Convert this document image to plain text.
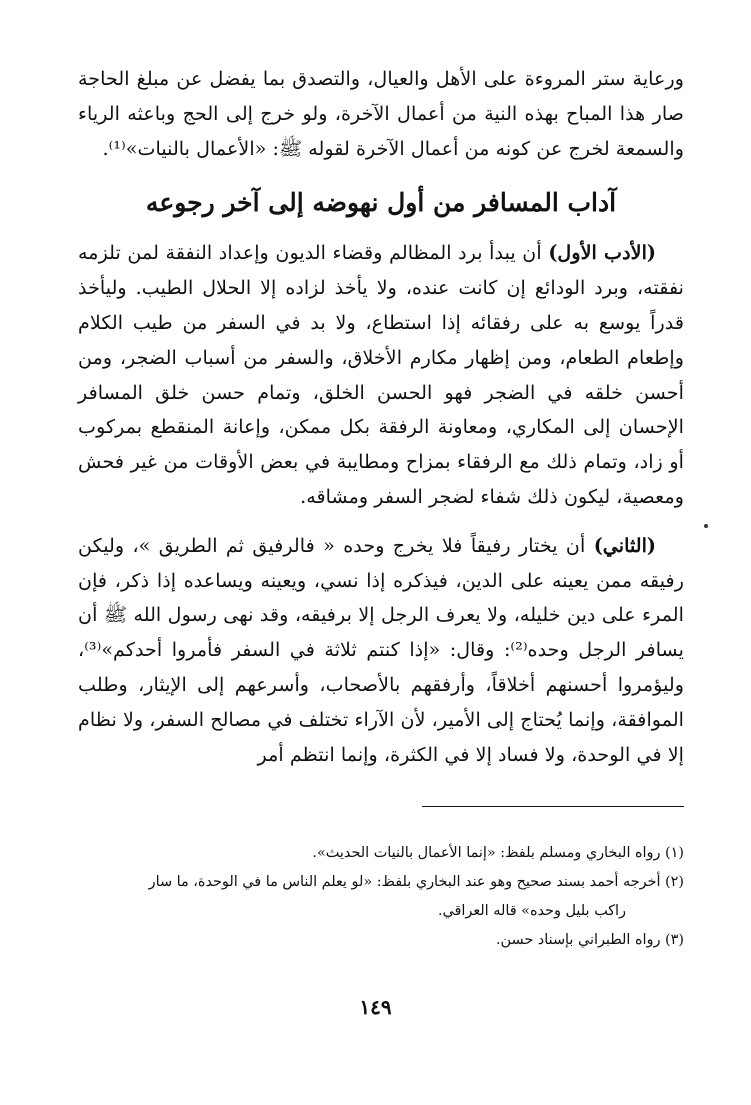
ورعاية ستر المروءة على الأهل والعيال، والتصدق بما يفضل عن مبلغ الحاجة صار هذا المباح بهذه النية من أعمال الآخرة، ولو خرج إلى الحج وباعثه الرياء والسمعة لخرج عن كونه من أعمال الآخرة لقوله ﷺ: «الأعمال بالنيات»⁽¹⁾.

آداب المسافر من أول نهوضه إلى آخر رجوعه

(الأدب الأول) أن يبدأ برد المظالم وقضاء الديون وإعداد النفقة لمن تلزمه نفقته، وبرد الودائع إن كانت عنده، ولا يأخذ لزاده إلا الحلال الطيب. وليأخذ قدراً يوسع به على رفقائه إذا استطاع، ولا بد في السفر من طيب الكلام وإطعام الطعام، ومن إظهار مكارم الأخلاق، والسفر من أسباب الضجر، ومن أحسن خلقه في الضجر فهو الحسن الخلق، وتمام حسن خلق المسافر الإحسان إلى المكاري، ومعاونة الرفقة بكل ممكن، وإعانة المنقطع بمركوب أو زاد، وتمام ذلك مع الرفقاء بمزاح ومطايبة في بعض الأوقات من غير فحش ومعصية، ليكون ذلك شفاء لضجر السفر ومشاقه.

(الثاني) أن يختار رفيقاً فلا يخرج وحده « فالرفيق ثم الطريق »، وليكن رفيقه ممن يعينه على الدين، فيذكره إذا نسي، ويعينه ويساعده إذا ذكر، فإن المرء على دين خليله، ولا يعرف الرجل إلا برفيقه، وقد نهى رسول الله ﷺ أن يسافر الرجل وحده⁽²⁾: وقال: «إذا كنتم ثلاثة في السفر فأمروا أحدكم»⁽³⁾، وليؤمروا أحسنهم أخلاقاً، وأرفقهم بالأصحاب، وأسرعهم إلى الإيثار، وطلب الموافقة، وإنما يُحتاج إلى الأمير، لأن الآراء تختلف في مصالح السفر، ولا نظام إلا في الوحدة، ولا فساد إلا في الكثرة، وإنما انتظم أمر

(١) رواه البخاري ومسلم بلفظ: «إنما الأعمال بالنيات الحديث».

(٢) أخرجه أحمد بسند صحيح وهو عند البخاري بلفظ: «لو يعلم الناس ما في الوحدة، ما سار

راكب بليل وحده» قاله العراقي.

(٣) رواه الطبراني بإسناد حسن.

١٤٩
